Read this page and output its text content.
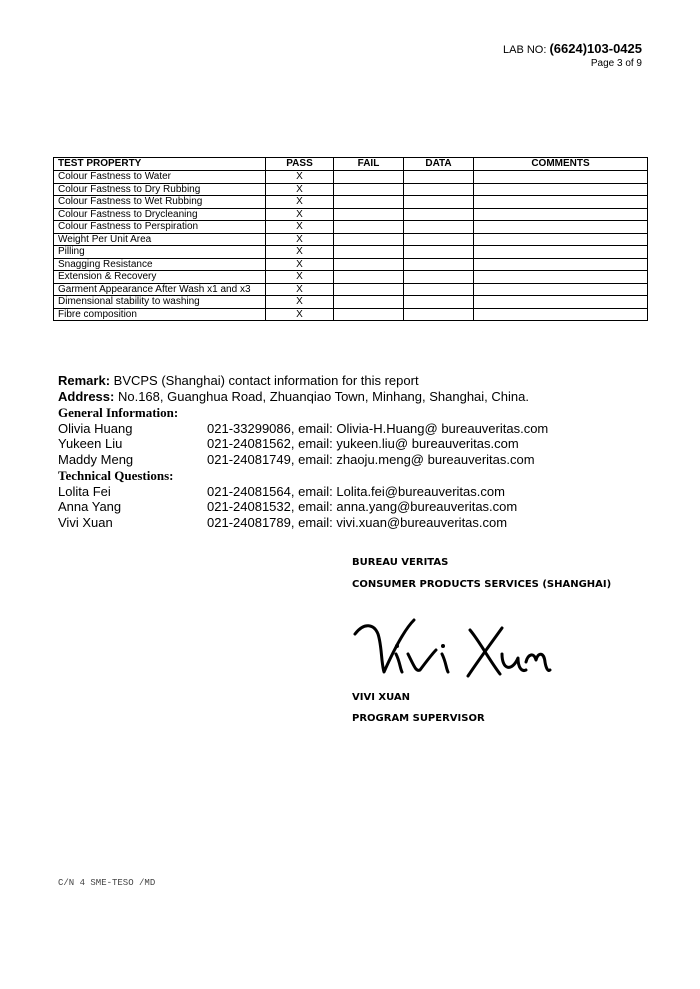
LAB NO: (6624)103-0425
Page 3 of 9
TEST PROPERTY	PASS	FAIL	DATA	COMMENTS
Colour Fastness to Water	X			
Colour Fastness to Dry Rubbing	X			
Colour Fastness to Wet Rubbing	X			
Colour Fastness to Drycleaning	X			
Colour Fastness to Perspiration	X			
Weight Per Unit Area	X			
Pilling	X			
Snagging Resistance	X			
Extension & Recovery	X			
Garment Appearance After Wash x1 and x3	X			
Dimensional stability to washing	X			
Fibre composition	X			
Remark: BVCPS (Shanghai) contact information for this report
Address: No.168, Guanghua Road, Zhuanqiao Town, Minhang, Shanghai, China.
General Information:
Olivia Huang	021-33299086, email: Olivia-H.Huang@ bureauveritas.com
Yukeen Liu	021-24081562, email: yukeen.liu@ bureauveritas.com
Maddy Meng	021-24081749, email: zhaoju.meng@ bureauveritas.com
Technical Questions:
Lolita Fei	021-24081564, email: Lolita.fei@bureauveritas.com
Anna Yang	021-24081532, email: anna.yang@bureauveritas.com
Vivi Xuan	021-24081789, email: vivi.xuan@bureauveritas.com
BUREAU VERITAS
CONSUMER PRODUCTS SERVICES (SHANGHAI)
VIVI XUAN
PROGRAM SUPERVISOR
C/N 4 SME-TESO /MD
